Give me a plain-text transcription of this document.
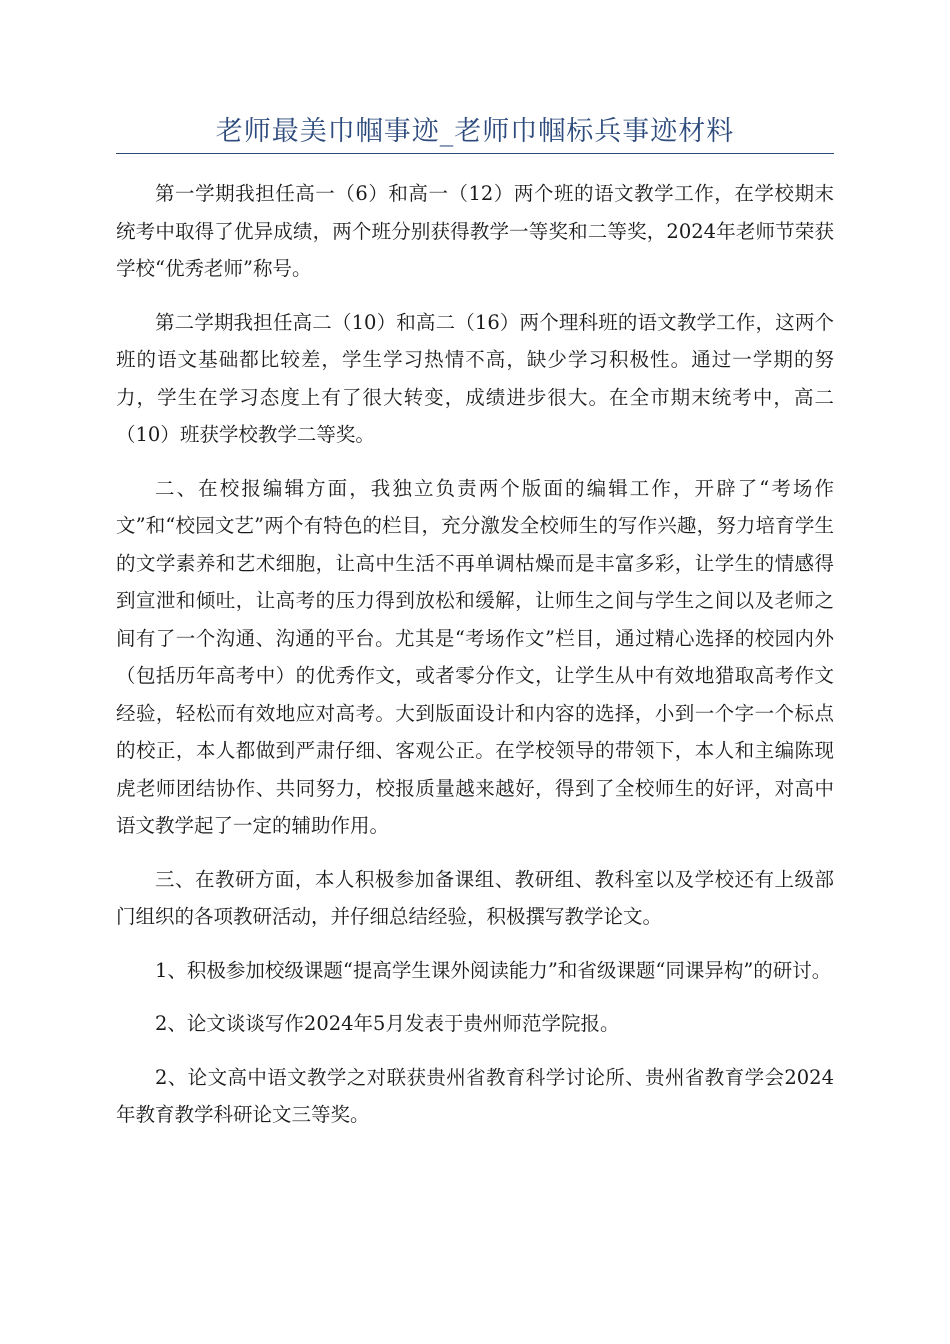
老师最美巾帼事迹_老师巾帼标兵事迹材料

第一学期我担任高一（6）和高一（12）两个班的语文教学工作，在学校期末统考中取得了优异成绩，两个班分别获得教学一等奖和二等奖，2024年老师节荣获学校“优秀老师”称号。

第二学期我担任高二（10）和高二（16）两个理科班的语文教学工作，这两个班的语文基础都比较差，学生学习热情不高，缺少学习积极性。通过一学期的努力，学生在学习态度上有了很大转变，成绩进步很大。在全市期末统考中，高二（10）班获学校教学二等奖。

二、在校报编辑方面，我独立负责两个版面的编辑工作，开辟了“考场作文”和“校园文艺”两个有特色的栏目，充分激发全校师生的写作兴趣，努力培育学生的文学素养和艺术细胞，让高中生活不再单调枯燥而是丰富多彩，让学生的情感得到宣泄和倾吐，让高考的压力得到放松和缓解，让师生之间与学生之间以及老师之间有了一个沟通、沟通的平台。尤其是“考场作文”栏目，通过精心选择的校园内外（包括历年高考中）的优秀作文，或者零分作文，让学生从中有效地猎取高考作文经验，轻松而有效地应对高考。大到版面设计和内容的选择，小到一个字一个标点的校正，本人都做到严肃仔细、客观公正。在学校领导的带领下，本人和主编陈现虎老师团结协作、共同努力，校报质量越来越好，得到了全校师生的好评，对高中语文教学起了一定的辅助作用。

三、在教研方面，本人积极参加备课组、教研组、教科室以及学校还有上级部门组织的各项教研活动，并仔细总结经验，积极撰写教学论文。

1、积极参加校级课题“提高学生课外阅读能力”和省级课题“同课异构”的研讨。

2、论文谈谈写作2024年5月发表于贵州师范学院报。

2、论文高中语文教学之对联获贵州省教育科学讨论所、贵州省教育学会2024年教育教学科研论文三等奖。
